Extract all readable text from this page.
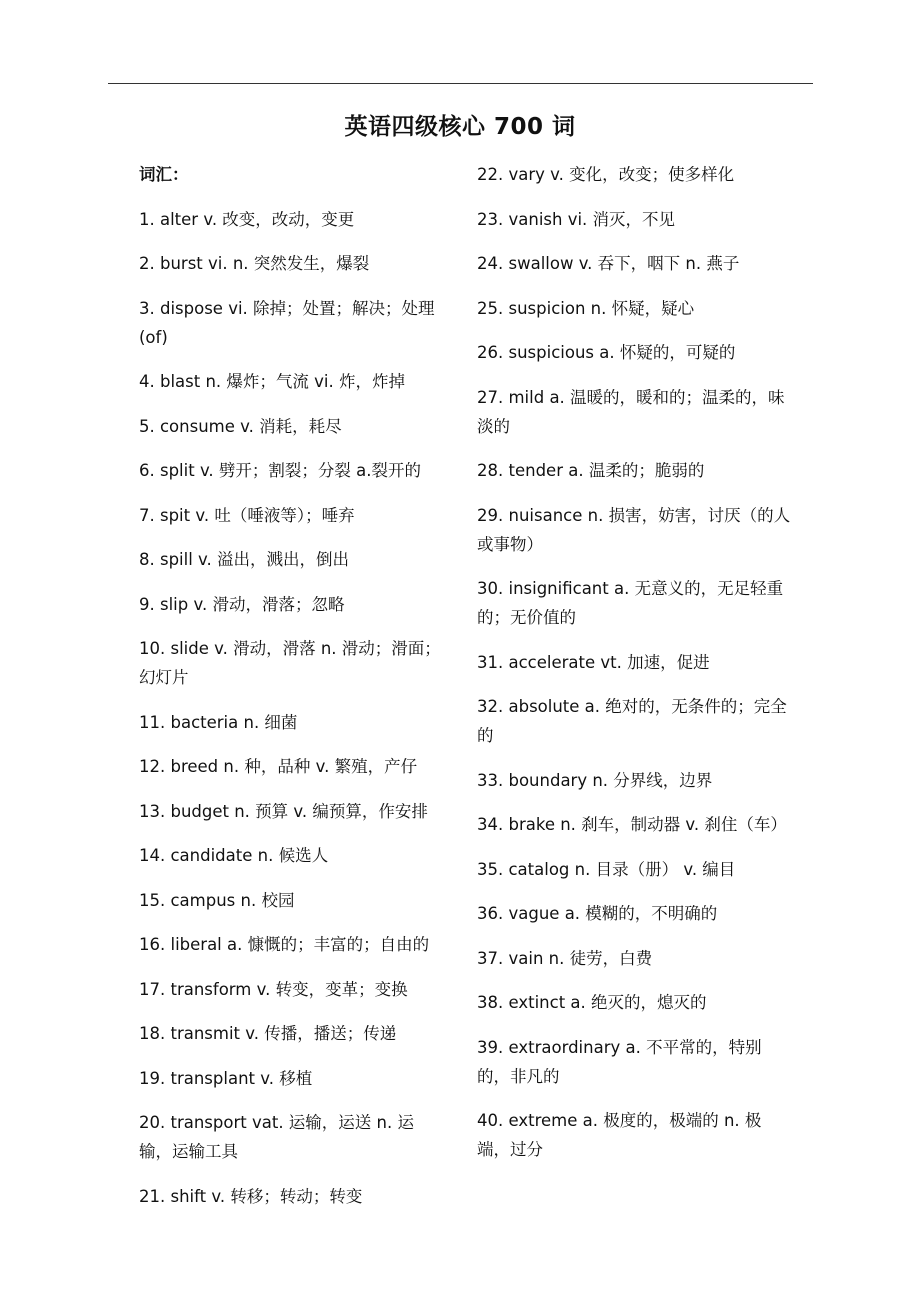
英语四级核心 700 词
词汇：
1. alter v. 改变，改动，变更
2. burst vi. n. 突然发生，爆裂
3. dispose vi. 除掉；处置；解决；处理(of)
4. blast n. 爆炸；气流 vi. 炸，炸掉
5. consume v. 消耗，耗尽
6. split v. 劈开；割裂；分裂 a.裂开的
7. spit v. 吐（唾液等）；唾弃
8. spill v. 溢出，溅出，倒出
9. slip v. 滑动，滑落；忽略
10. slide v. 滑动，滑落 n. 滑动；滑面；幻灯片
11. bacteria n. 细菌
12. breed n. 种，品种 v. 繁殖，产仔
13. budget n. 预算 v. 编预算，作安排
14. candidate n. 候选人
15. campus n. 校园
16. liberal a. 慷慨的；丰富的；自由的
17. transform v. 转变，变革；变换
18. transmit v. 传播，播送；传递
19. transplant v. 移植
20. transport vat. 运输，运送 n. 运输，运输工具
21. shift v. 转移；转动；转变
22. vary v. 变化，改变；使多样化
23. vanish vi. 消灭，不见
24. swallow v. 吞下，咽下 n. 燕子
25. suspicion n. 怀疑，疑心
26. suspicious a. 怀疑的，可疑的
27. mild a. 温暖的，暖和的；温柔的，味淡的
28. tender a. 温柔的；脆弱的
29. nuisance n. 损害，妨害，讨厌（的人或事物）
30. insignificant a. 无意义的，无足轻重的；无价值的
31. accelerate vt. 加速，促进
32. absolute a. 绝对的，无条件的；完全的
33. boundary n. 分界线，边界
34. brake n. 刹车，制动器 v. 刹住（车）
35. catalog n. 目录（册） v. 编目
36. vague a. 模糊的，不明确的
37. vain n. 徒劳，白费
38. extinct a. 绝灭的，熄灭的
39. extraordinary a. 不平常的，特别的，非凡的
40. extreme a. 极度的，极端的 n. 极端，过分
